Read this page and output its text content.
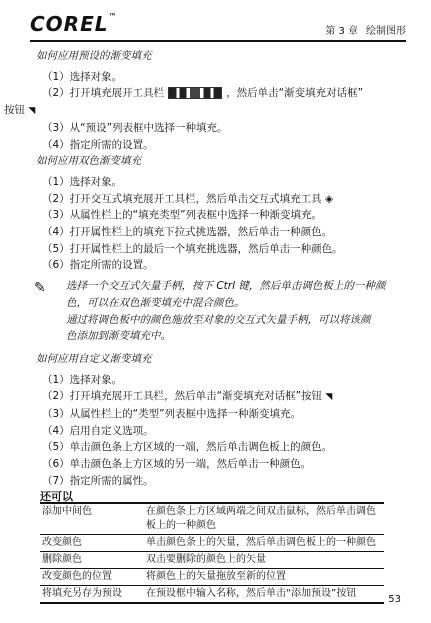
COREL™
第 3 章 绘制图形
如何应用预设的渐变填充
（1）选择对象。
（2）打开填充展开工具栏	，然后单击“渐变填充对话框”
按钮 ◥
（3）从“预设”列表框中选择一种填充。
（4）指定所需的设置。
如何应用双色渐变填充
（1）选择对象。
（2）打开交互式填充展开工具栏，然后单击交互式填充工具 ◈
（3）从属性栏上的“填充类型”列表框中选择一种渐变填充。
（4）打开属性栏上的填充下拉式挑选器，然后单击一种颜色。
（5）打开属性栏上的最后一个填充挑选器，然后单击一种颜色。
（6）指定所需的设置。
✎ 选择一个交互式矢量手柄，按下 Ctrl 键，然后单击调色板上的一种颜
色，可以在双色渐变填充中混合颜色。
通过将调色板中的颜色施放至对象的交互式矢量手柄，可以将该颜
色添加到渐变填充中。
如何应用自定义渐变填充
（1）选择对象。
（2）打开填充展开工具栏，然后单击“渐变填充对话框”按钮 ◥
（3）从属性栏上的“类型”列表框中选择一种渐变填充。
（4）启用自定义选项。
（5）单击颜色条上方区域的一端，然后单击调色板上的颜色。
（6）单击颜色条上方区域的另一端，然后单击一种颜色。
（7）指定所需的属性。
还可以
添加中间色	在颜色条上方区域两端之间双击鼠标，然后单击调色板上的一种颜色
改变颜色	单击颜色条上的矢量，然后单击调色板上的一种颜色
删除颜色	双击要删除的颜色上的矢量
改变颜色的位置	将颜色上的矢量拖放至新的位置
将填充另存为预设	在预设框中输入名称，然后单击“添加预设”按钮
53
